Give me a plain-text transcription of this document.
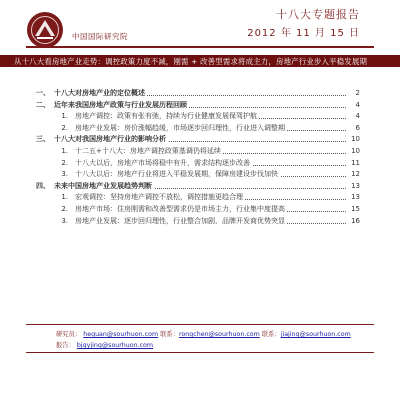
中国国际研究院
十八大专题报告
2012 年 11 月 15 日
从十八大看房地产业走势：调控政策力度不减，刚需 + 改善型需求将成主力，房地产行业步入平稳发展期
一、 十八大对房地产业的定位概述	2
二、 近年来我国房地产政策与行业发展历程回顾	4
1. 房地产调控：政策有张有弛，持续为行业健康发展保驾护航	4
2. 房地产业发展：房价涨幅趋缓，市场逐步回归理性，行业进入调整期	6
三、 十八大对我国房地产行业的影响分析	10
1. 十二五+十八大：房地产调控政策基调仍将延续	10
2. 十八大以后，房地产市场将稳中有升，需求结构逐步改善	11
3. 十八大以后：房地产行业将进入平稳发展期，保障房建设步伐加快	12
四、 未来中国房地产业发展趋势判断	13
1. 宏观调控：坚持房地产调控不放松，调控措施更趋合理	13
2. 房地产市场：住房刚需和改善型需求仍是市场主力，行业集中度提高	15
3. 房地产业发展：逐步回归理性，行业整合加剧，品牌开发商优势突显	16
研究员： heguan@sourhuon.com 联系：rongchen@sourhuon.com 联系：jiajing@sourhuon.com
报告： bjgyjing@sourhuon.com
